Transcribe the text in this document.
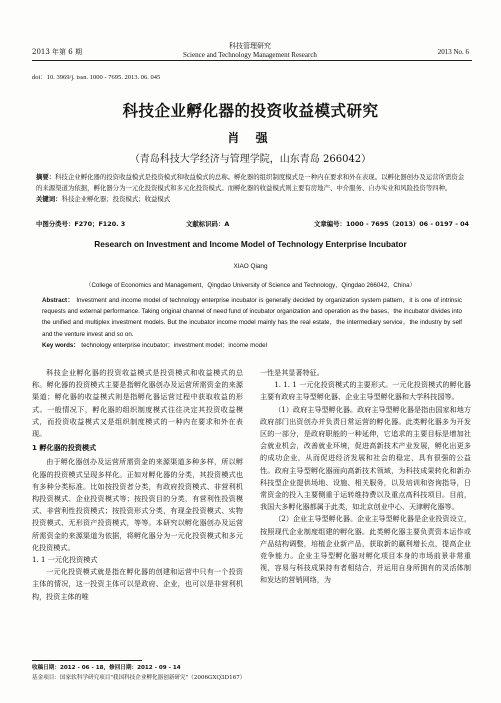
2013 年第 6 期
科技管理研究
Science and Technology Management Research	2013 No. 6
doi：10. 3969/j. issn. 1000 - 7695. 2013. 06. 045
科技企业孵化器的投资收益模式研究
肖 强
（青岛科技大学经济与管理学院，山东青岛 266042）

摘要：科技企业孵化器的投资收益模式是投资模式和收益模式的总称。孵化器的组织制度模式是一种内在要求和外在表现。以孵化器创办及运营所需资金的来源渠道为依据，孵化器分为一元化投资模式和多元化投资模式。而孵化器的收益模式则主要有房地产、中介服务、自办实业和风险投资等四种。

关键词：科技企业孵化器；投资模式；收益模式

中图分类号：F270；F120. 3	文献标识码：A	文章编号：1000 - 7695（2013）06 - 0197 - 04
Research on Investment and Income Model of Technology Enterprise Incubator
XIAO Qiang
（College of Economics and Management，Qingdao University of Science and Technology，Qingdao 266042，China）

Abstract： Investment and income model of technology enterprise incubator is generally decided by organization system pattern，it is one of intrinsic requests and external performance. Taking original channel of need fund of incubator organization and operation as the bases，the incubator divides into the unified and multiplex investment models. But the incubator income model mainly has the real estate，the intermediary service，the industry by self and the venture invest and so on.

Key words： technology enterprise incubator；investment model；income model

科技企业孵化器的投资收益模式是投资模式和收益模式的总称。孵化器的投资模式主要是指孵化器创办及运营所需资金的来源渠道；孵化器的收益模式则是指孵化器运营过程中获取收益的形式。一般情况下，孵化器的组织制度模式往往决定其投资收益模式，而投资收益模式又是组织制度模式的一种内在要求和外在表现。

1 孵化器的投资模式

由于孵化器创办及运营所需资金的来源渠道多种多样，所以孵化器的投资模式呈现多样化。正如对孵化器的分类，其投资模式也有多种分类标准。比如按投资者分类，有政府投资模式、非营利机构投资模式、企业投资模式等；按投资目的分类，有营利性投资模式、非营利性投资模式；按投资形式分类，有现金投资模式、实物投资模式、无形资产投资模式，等等。本研究以孵化器创办及运营所需资金的来源渠道为依据，将孵化器分为一元化投资模式和多元化投资模式。

1. 1 一元化投资模式

一元化投资模式就是指在孵化器的创建和运营中只有一个投资主体的情况，这一投资主体可以是政府、企业，也可以是非营利机构，投资主体的唯

一性是其显著特征。

1. 1. 1 一元化投资模式的主要形式。一元化投资模式的孵化器主要有政府主导型孵化器、企业主导型孵化器和大学科技园等。

（1）政府主导型孵化器。政府主导型孵化器是指由国家和地方政府部门出资创办并负责日常运营的孵化器。此类孵化器多为开发区的一部分，是政府职能的一种延伸，它追求的主要目标是增加社会就业机会，改善就业环境，促进高新技术产业发展，孵化出更多的成功企业，从而促进经济发展和社会的稳定，具有很强的公益性。政府主导型孵化器面向高新技术领域，为科技成果转化和新办科技型企业提供场地、设施、相关服务，以及培训和咨询指导，日常资金的投入主要侧重于运转维持费以及重点高科技项目。目前，我国大多孵化器都属于此类，如北京创业中心、天津孵化器等。

（2）企业主导型孵化器。企业主导型孵化器是企业投资设立，按照现代企业制度组建的孵化器。此类孵化器主要负责资本运作或产品结构调整，培植企业新产品，获取新的赢利增长点，提高企业竞争能力。企业主导型孵化器对孵化项目本身的市场前景非常重视，容易与科技成果持有者相结合，并运用自身所拥有的灵活体制和发达的营销网络，为

收稿日期：2012 - 06 - 18，修回日期：2012 - 09 - 14

基金项目：国家软科学研究项目"我国科技企业孵化器创新研究"（2006GXQ3D167）
